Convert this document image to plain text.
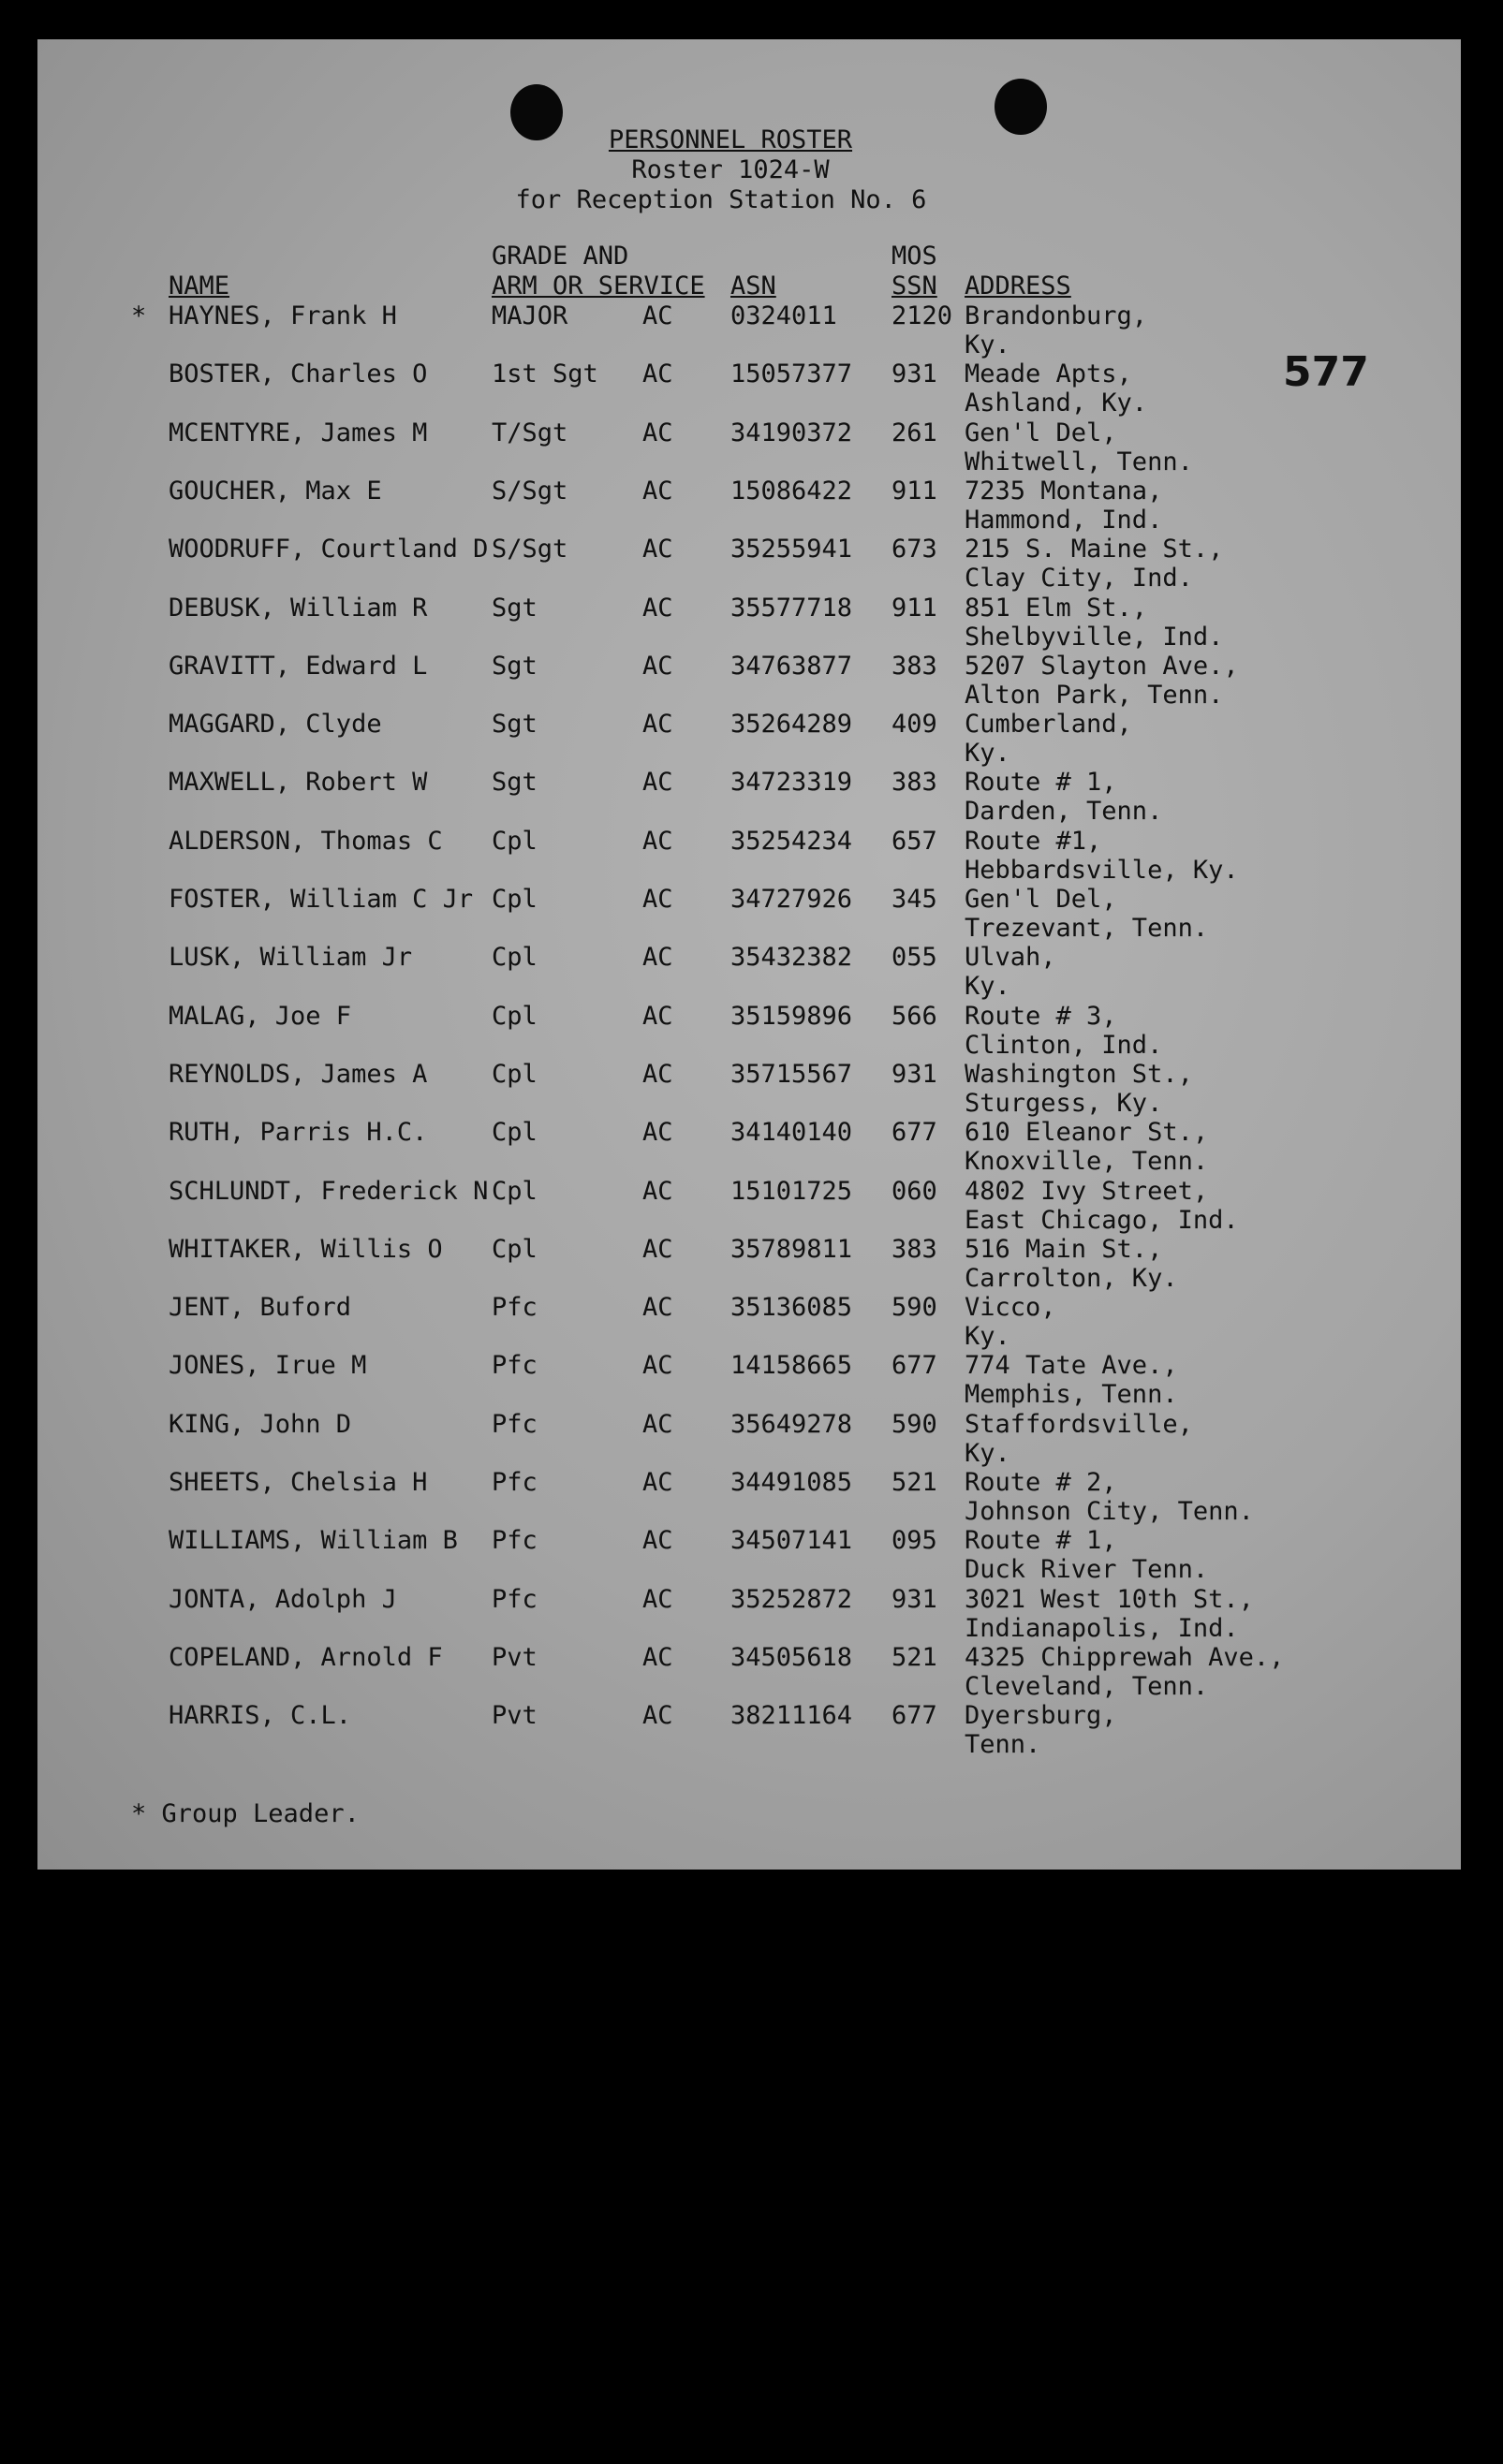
PERSONNEL ROSTER
Roster 1024-W
for Reception Station No. 6
577
GRADE AND	MOS
NAME	ARM OR SERVICE ASN	SSN ADDRESS
* HAYNES, Frank H	MAJOR	AC 0324011 2120 Brandonburg,
Ky.
BOSTER, Charles O	1st Sgt AC 15057377 931 Meade Apts,
Ashland, Ky.
MCENTYRE, James M	T/Sgt	AC 34190372 261 Gen'l Del,
Whitwell, Tenn.
GOUCHER, Max E	S/Sgt	AC 15086422 911 7235 Montana,
Hammond, Ind.
WOODRUFF, Courtland D S/Sgt	AC 35255941 673 215 S. Maine St.,
Clay City, Ind.
DEBUSK, William R	Sgt	AC 35577718 911 851 Elm St.,
Shelbyville, Ind.
GRAVITT, Edward L	Sgt	AC 34763877 383 5207 Slayton Ave.,
Alton Park, Tenn.
MAGGARD, Clyde	Sgt	AC 35264289 409 Cumberland,
Ky.
MAXWELL, Robert W	Sgt	AC 34723319 383 Route # 1,
Darden, Tenn.
ALDERSON, Thomas C Cpl	AC 35254234 657 Route #1,
Hebbardsville, Ky.
FOSTER, William C Jr Cpl	AC 34727926 345 Gen'l Del,
Trezevant, Tenn.
LUSK, William Jr	Cpl	AC 35432382 055 Ulvah,
Ky.
MALAG, Joe F	Cpl	AC 35159896 566 Route # 3,
Clinton, Ind.
REYNOLDS, James A	Cpl	AC 35715567 931 Washington St.,
Sturgess, Ky.
RUTH, Parris H.C.	Cpl	AC 34140140 677 610 Eleanor St.,
Knoxville, Tenn.
SCHLUNDT, Frederick N Cpl	AC 15101725 060 4802 Ivy Street,
East Chicago, Ind.
WHITAKER, Willis O Cpl	AC 35789811 383 516 Main St.,
Carrolton, Ky.
JENT, Buford	Pfc	AC 35136085 590 Vicco,
Ky.
JONES, Irue M	Pfc	AC 14158665 677 774 Tate Ave.,
Memphis, Tenn.
KING, John D	Pfc	AC 35649278 590 Staffordsville,
Ky.
SHEETS, Chelsia H	Pfc	AC 34491085 521 Route # 2,
Johnson City, Tenn.
WILLIAMS, William B Pfc	AC 34507141 095 Route # 1,
Duck River Tenn.
JONTA, Adolph J	Pfc	AC 35252872 931 3021 West 10th St.,
Indianapolis, Ind.
COPELAND, Arnold F Pvt	AC 34505618 521 4325 Chipprewah Ave.,
Cleveland, Tenn.
HARRIS, C.L.	Pvt	AC 38211164 677 Dyersburg,
Tenn.
* Group Leader.
